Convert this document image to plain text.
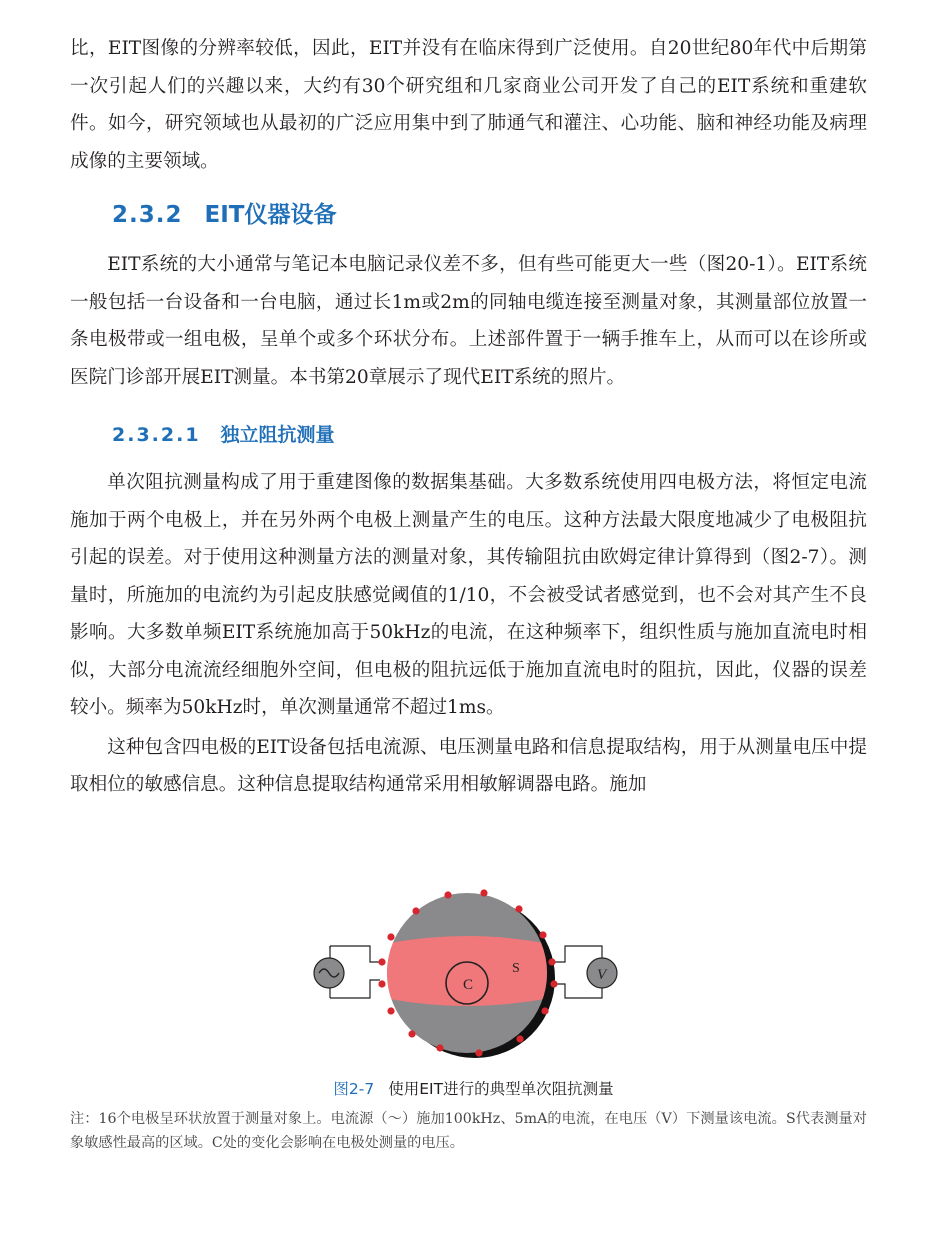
比，EIT图像的分辨率较低，因此，EIT并没有在临床得到广泛使用。自20世纪80年代中后期第一次引起人们的兴趣以来，大约有30个研究组和几家商业公司开发了自己的EIT系统和重建软件。如今，研究领域也从最初的广泛应用集中到了肺通气和灌注、心功能、脑和神经功能及病理成像的主要领域。

2.3.2 EIT仪器设备

EIT系统的大小通常与笔记本电脑记录仪差不多，但有些可能更大一些（图20-1）。EIT系统一般包括一台设备和一台电脑，通过长1m或2m的同轴电缆连接至测量对象，其测量部位放置一条电极带或一组电极，呈单个或多个环状分布。上述部件置于一辆手推车上，从而可以在诊所或医院门诊部开展EIT测量。本书第20章展示了现代EIT系统的照片。

2.3.2.1 独立阻抗测量

单次阻抗测量构成了用于重建图像的数据集基础。大多数系统使用四电极方法，将恒定电流施加于两个电极上，并在另外两个电极上测量产生的电压。这种方法最大限度地减少了电极阻抗引起的误差。对于使用这种测量方法的测量对象，其传输阻抗由欧姆定律计算得到（图2-7）。测量时，所施加的电流约为引起皮肤感觉阈值的1/10，不会被受试者感觉到，也不会对其产生不良影响。大多数单频EIT系统施加高于50kHz的电流，在这种频率下，组织性质与施加直流电时相似，大部分电流流经细胞外空间，但电极的阻抗远低于施加直流电时的阻抗，因此，仪器的误差较小。频率为50kHz时，单次测量通常不超过1ms。

这种包含四电极的EIT设备包括电流源、电压测量电路和信息提取结构，用于从测量电压中提取相位的敏感信息。这种信息提取结构通常采用相敏解调器电路。施加

C
S	V
图2-7 使用EIT进行的典型单次阻抗测量
注：16个电极呈环状放置于测量对象上。电流源（～）施加100kHz、5mA的电流，在电压（V）下测量该电流。S代表测量对象敏感性最高的区域。C处的变化会影响在电极处测量的电压。
